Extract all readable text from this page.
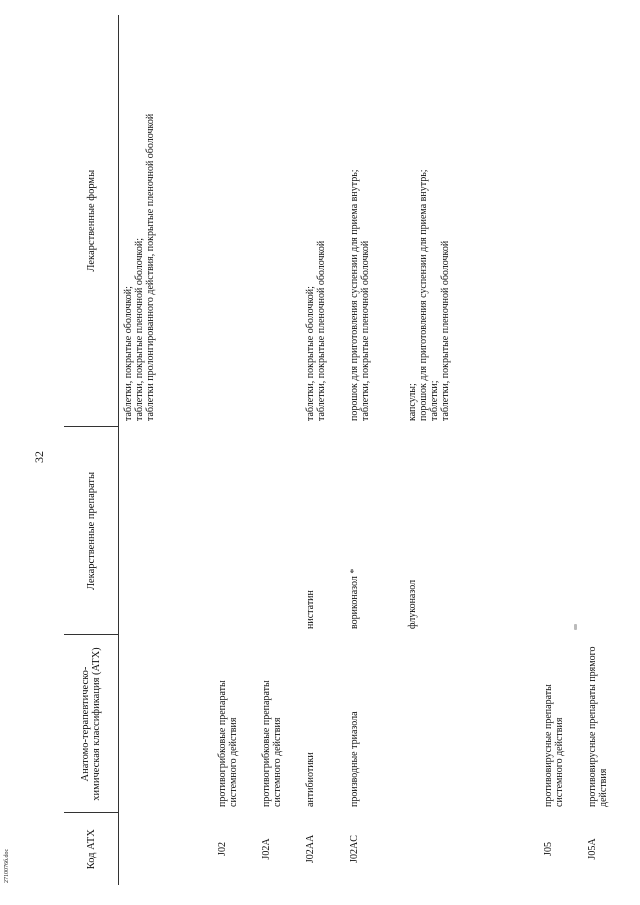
32
Код АТХ	Анатомо-терапевтическо-химическая классификация (АТХ)	Лекарственные препараты	Лекарственные формы
			таблетки, покрытые оболочкой;
таблетки, покрытые пленочной оболочкой;
таблетки пролонгированного действия, покрытые пленочной оболочкой
J02	противогрибковые препараты системного действия		
J02A	противогрибковые препараты системного действия		
J02AA	антибиотики	нистатин	таблетки, покрытые оболочкой;
таблетки, покрытые пленочной оболочкой
J02AC	производные триазола	вориконазол *	порошок для приготовления суспензии для приема внутрь;
таблетки, покрытые пленочной оболочкой
		флуконазол	капсулы;
порошок для приготовления суспензии для приема внутрь;
таблетки;
таблетки, покрытые пленочной оболочкой
J05	противовирусные препараты системного действия		
J05A	противовирусные препараты прямого действия		
2710076б.doc
